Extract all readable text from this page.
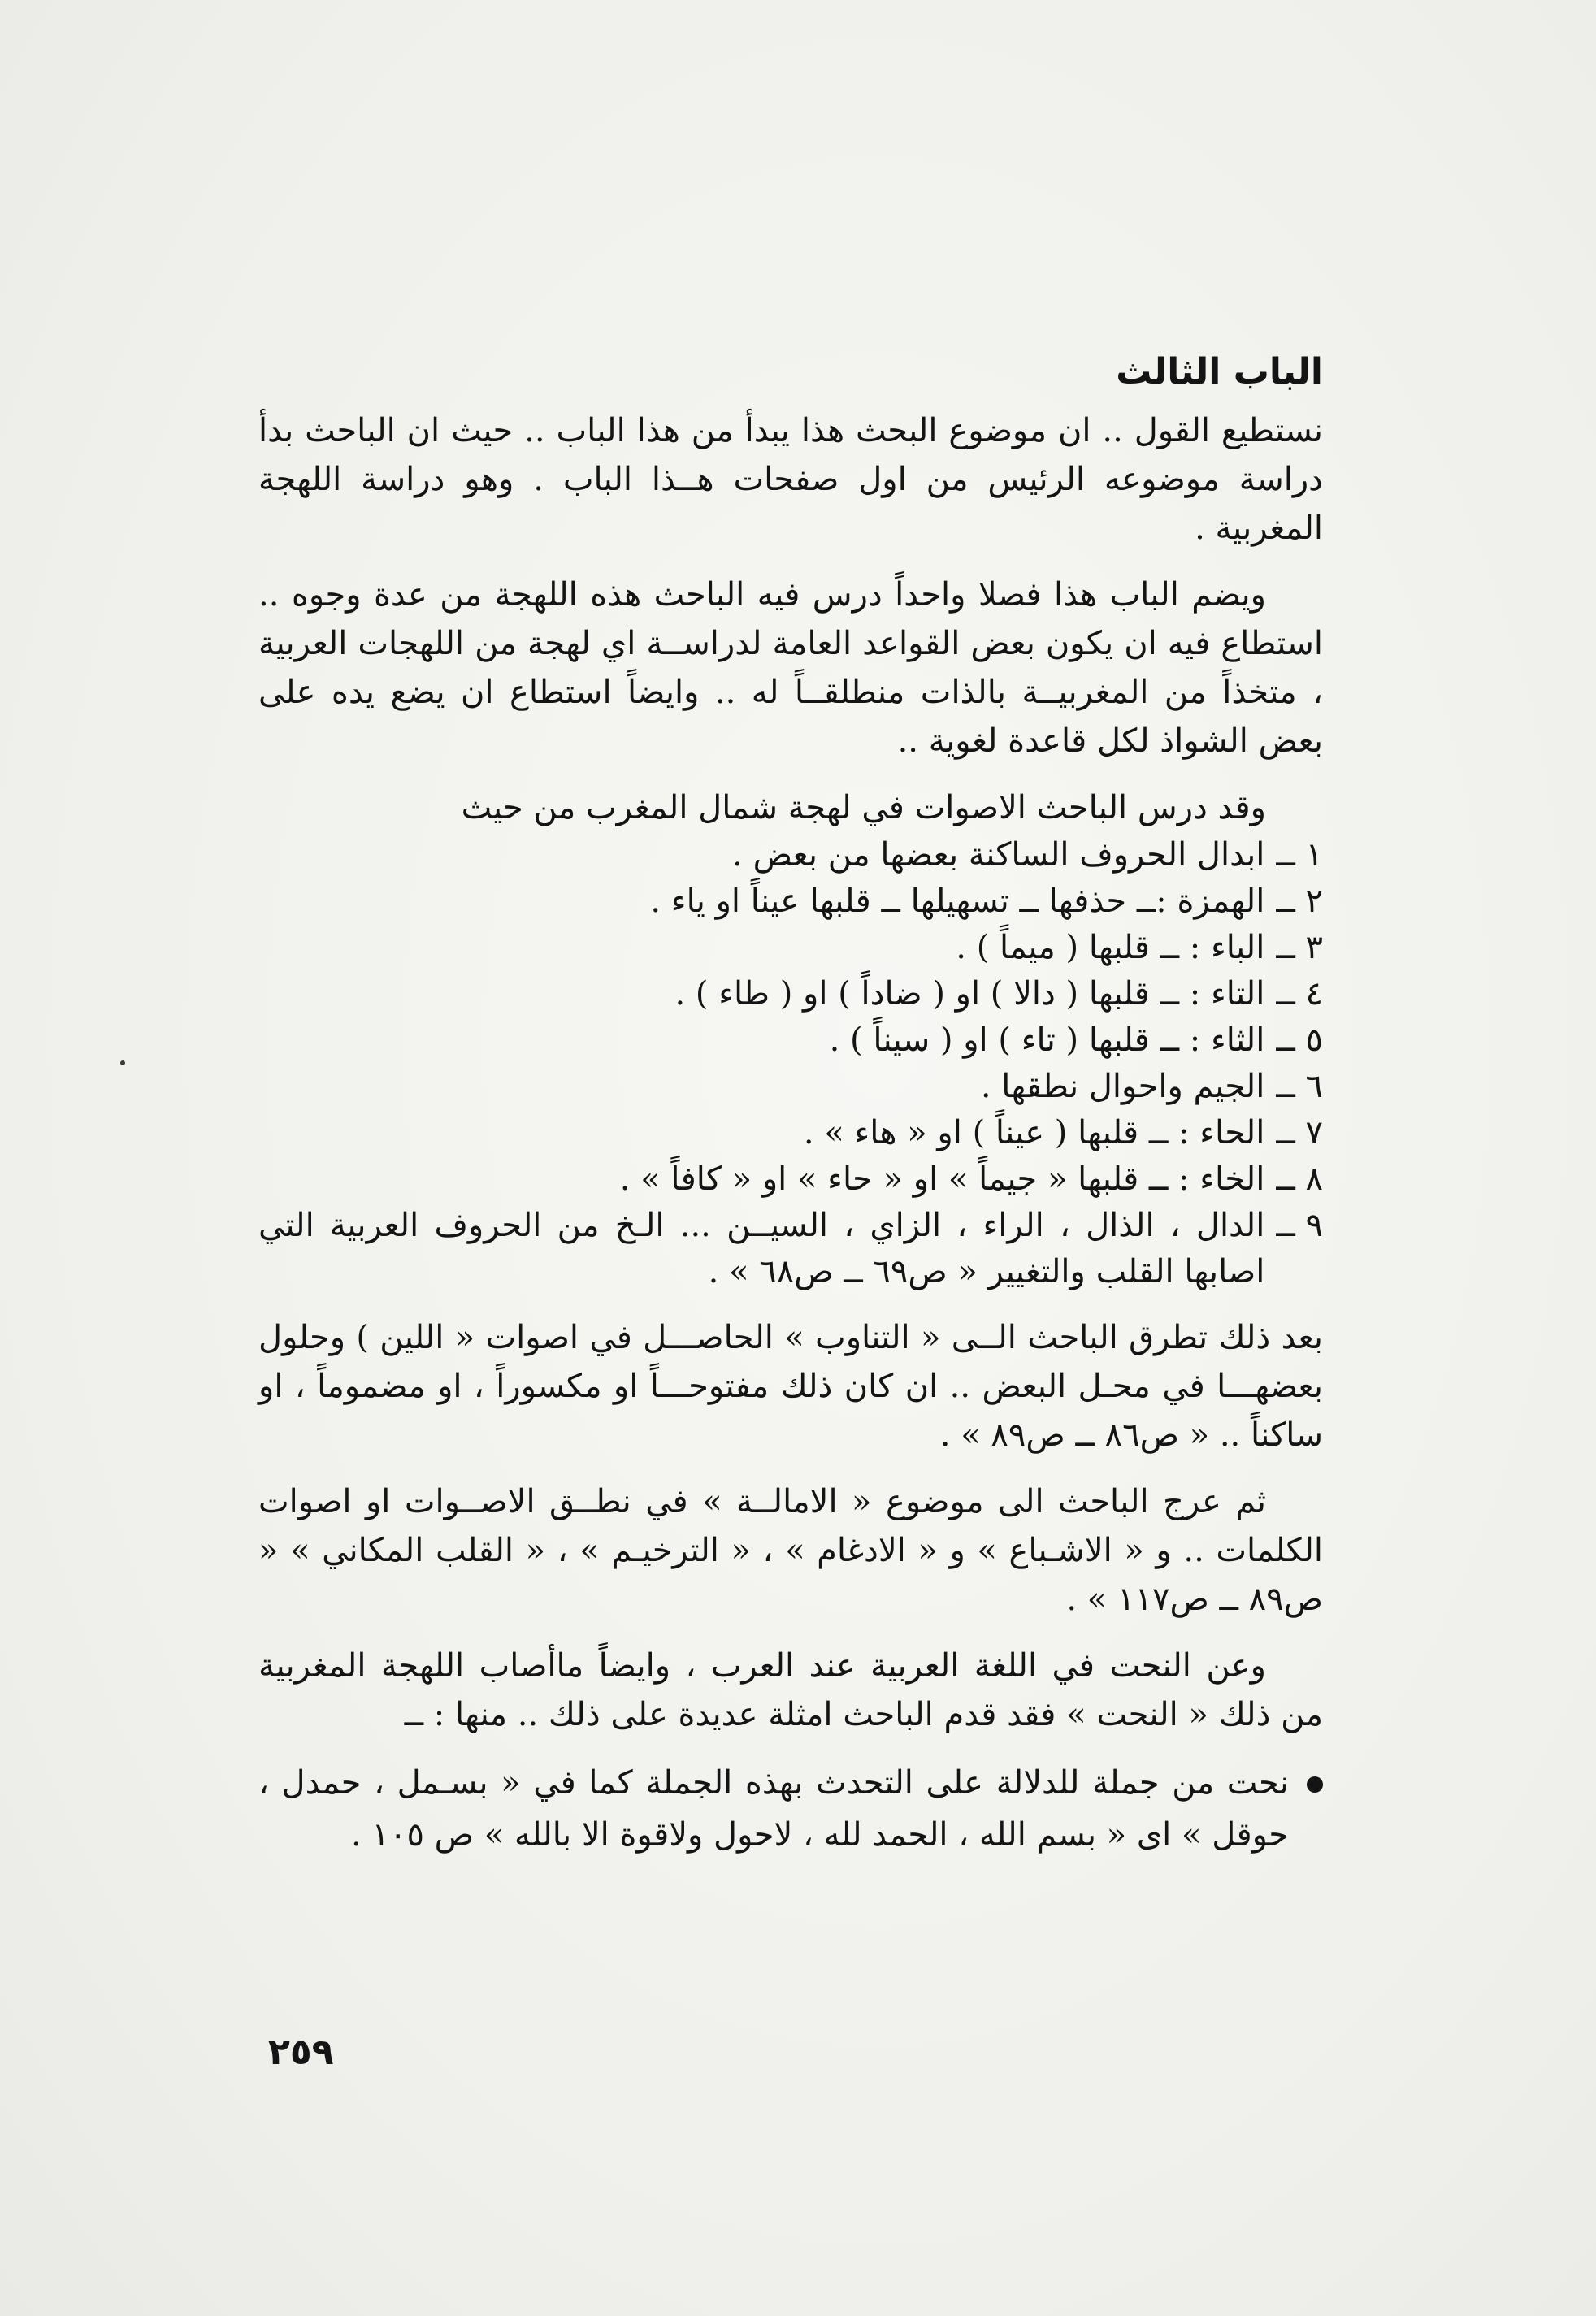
الباب الثالث

نستطيع القول .. ان موضوع البحث هذا يبدأ من هذا الباب .. حيث ان الباحث بدأ دراسة موضوعه الرئيس من اول صفحات هــذا الباب . وهو دراسة اللهجة المغربية .

ويضم الباب هذا فصلا واحداً درس فيه الباحث هذه اللهجة من عدة وجوه .. استطاع فيه ان يكون بعض القواعد العامة لدراســة اي لهجة من اللهجات العربية ، متخذاً من المغربيــة بالذات منطلقــاً له .. وايضاً استطاع ان يضع يده على بعض الشواذ لكل قاعدة لغوية ..

وقد درس الباحث الاصوات في لهجة شمال المغرب من حيث

١ ــ
ابدال الحروف الساكنة بعضها من بعض .
٢ ــ
الهمزة :ــ حذفها ــ تسهيلها ــ قلبها عيناً او ياء .
٣ ــ
الباء : ــ قلبها ( ميماً ) .
٤ ــ
التاء : ــ قلبها ( دالا ) او ( ضاداً ) او ( طاء ) .
٥ ــ
الثاء : ــ قلبها ( تاء ) او ( سيناً ) .
٦ ــ
الجيم واحوال نطقها .
٧ ــ
الحاء : ــ قلبها ( عيناً ) او « هاء » .
٨ ــ
الخاء : ــ قلبها « جيماً » او « حاء » او « كافاً » .
٩ ــ
الدال ، الذال ، الراء ، الزاي ، السيــن ... الـخ من الحروف العربية التي اصابها القلب والتغيير « ص٦٩ ــ ص٦٨ » .

بعد ذلك تطرق الباحث الــى « التناوب » الحاصـــل في اصوات « اللين ) وحلول بعضهـــا في محـل البعض .. ان كان ذلك مفتوحـــاً او مكسوراً ، او مضموماً ، او ساكناً .. « ص٨٦ ــ ص٨٩ » .

ثم عرج الباحث الى موضوع « الامالــة » في نطــق الاصــوات او اصوات الكلمات .. و « الاشـباع » و « الادغام » ، « الترخيـم » ، « القلب المكاني » « ص٨٩ ــ ص١١٧ » .

وعن النحت في اللغة العربية عند العرب ، وايضاً ماأصاب اللهجة المغربية من ذلك « النحت » فقد قدم الباحث امثلة عديدة على ذلك .. منها : ــ

نحت من جملة للدلالة على التحدث بهذه الجملة كما في « بسـمل ، حمدل ، حوقل » اى « بسم الله ، الحمد لله ، لاحول ولاقوة الا بالله » ص ١٠٥ .
٢٥٩
